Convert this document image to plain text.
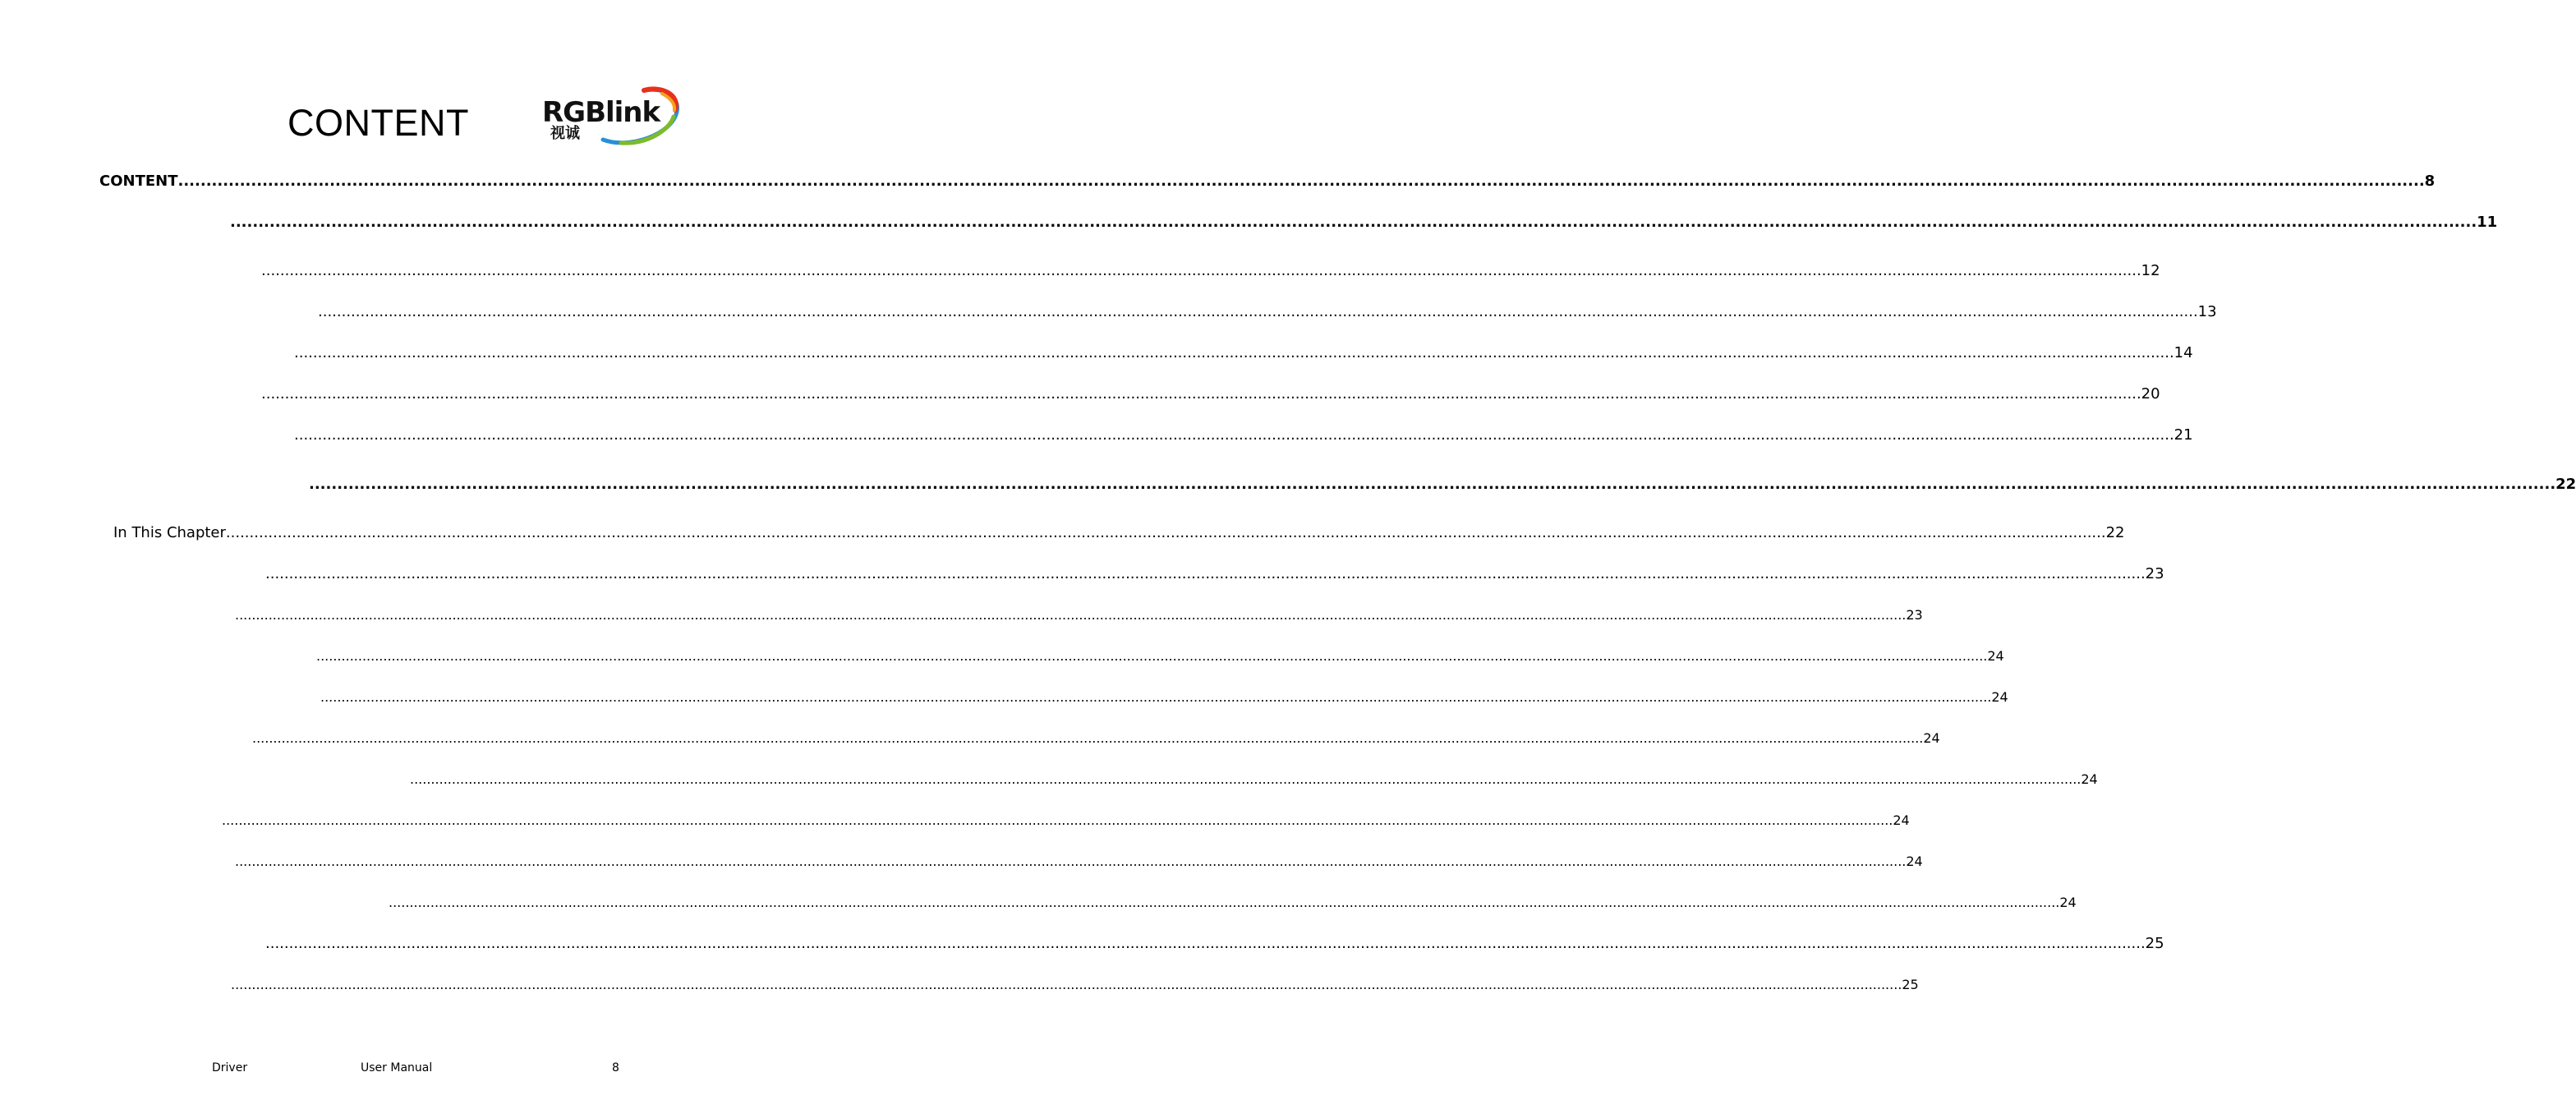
CONTENT	RGBlink
视诚
CONTENT ................................................................................................................................................................................................................................................................................................................................................................................................................ 8
................................................................................................................................................................................................................................................................................................................................................................................................................ 11
................................................................................................................................................................................................................................................................................................................................................................................................................ 12
................................................................................................................................................................................................................................................................................................................................................................................................................ 13
................................................................................................................................................................................................................................................................................................................................................................................................................ 14
................................................................................................................................................................................................................................................................................................................................................................................................................ 20
................................................................................................................................................................................................................................................................................................................................................................................................................ 21
................................................................................................................................................................................................................................................................................................................................................................................................................ 22
In This Chapter ................................................................................................................................................................................................................................................................................................................................................................................................................ 22
................................................................................................................................................................................................................................................................................................................................................................................................................ 23
................................................................................................................................................................................................................................................................................................................................................................................................................ 23
................................................................................................................................................................................................................................................................................................................................................................................................................ 24
................................................................................................................................................................................................................................................................................................................................................................................................................ 24
................................................................................................................................................................................................................................................................................................................................................................................................................ 24
................................................................................................................................................................................................................................................................................................................................................................................................................ 24
................................................................................................................................................................................................................................................................................................................................................................................................................ 24
................................................................................................................................................................................................................................................................................................................................................................................................................ 24
................................................................................................................................................................................................................................................................................................................................................................................................................ 24
................................................................................................................................................................................................................................................................................................................................................................................................................ 25
................................................................................................................................................................................................................................................................................................................................................................................................................ 25
Driver	User Manual	8
